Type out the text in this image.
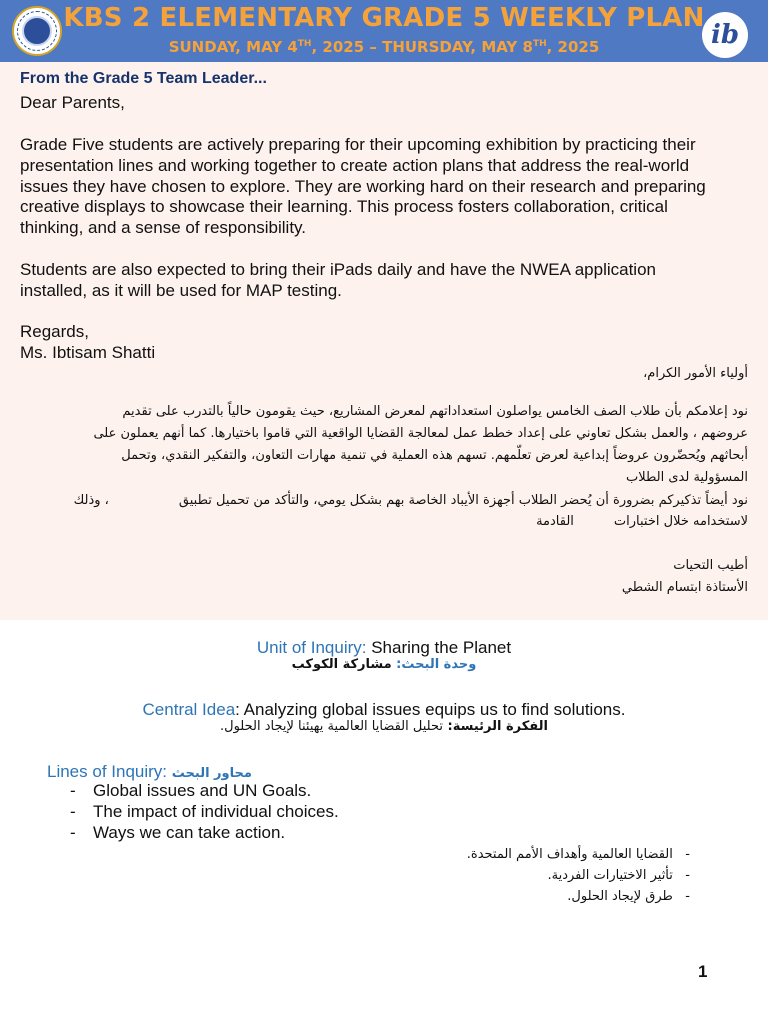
KBS 2 ELEMENTARY GRADE 5 WEEKLY PLAN
SUNDAY, MAY 4TH, 2025 – THURSDAY, MAY 8TH, 2025	ib
From the Grade 5 Team Leader...
Dear Parents,
Grade Five students are actively preparing for their upcoming exhibition by practicing their presentation lines and working together to create action plans that address the real-world issues they have chosen to explore. They are working hard on their research and preparing creative displays to showcase their learning. This process fosters collaboration, critical thinking, and a sense of responsibility.
Students are also expected to bring their iPads daily and have the NWEA application installed, as it will be used for MAP testing.
Regards,
Ms. Ibtisam Shatti
أولياء الأمور الكرام،
نود إعلامكم بأن طلاب الصف الخامس يواصلون استعداداتهم لمعرض المشاريع، حيث يقومون حالياً بالتدرب على تقديم
عروضهم ، والعمل بشكل تعاوني على إعداد خطط عمل لمعالجة القضايا الواقعية التي قاموا باختيارها. كما أنهم يعملون على
أبحاثهم ويُحضّرون عروضاً إبداعية لعرض تعلّمهم. تسهم هذه العملية في تنمية مهارات التعاون، والتفكير النقدي، وتحمل
المسؤولية لدى الطلاب
نود أيضاً تذكيركم بضرورة أن يُحضر الطلاب أجهزة الأيباد الخاصة بهم بشكل يومي، والتأكد من تحميل تطبيق، وذلك
لاستخدامه خلال اختباراتالقادمة
أطيب التحيات
الأستاذة ابتسام الشطي
Unit of Inquiry: Sharing the Planet
وحدة البحث: مشاركة الكوكب
Central Idea: Analyzing global issues equips us to find solutions.
الفكرة الرئيسة: تحليل القضايا العالمية يهيئنا لإيجاد الحلول.
Lines of Inquiry: محاور البحث
- Global issues and UN Goals.
- The impact of individual choices.
- Ways we can take action.
-   القضايا العالمية وأهداف الأمم المتحدة.
-   تأثير الاختيارات الفردية.
-   طرق لإيجاد الحلول.
1
